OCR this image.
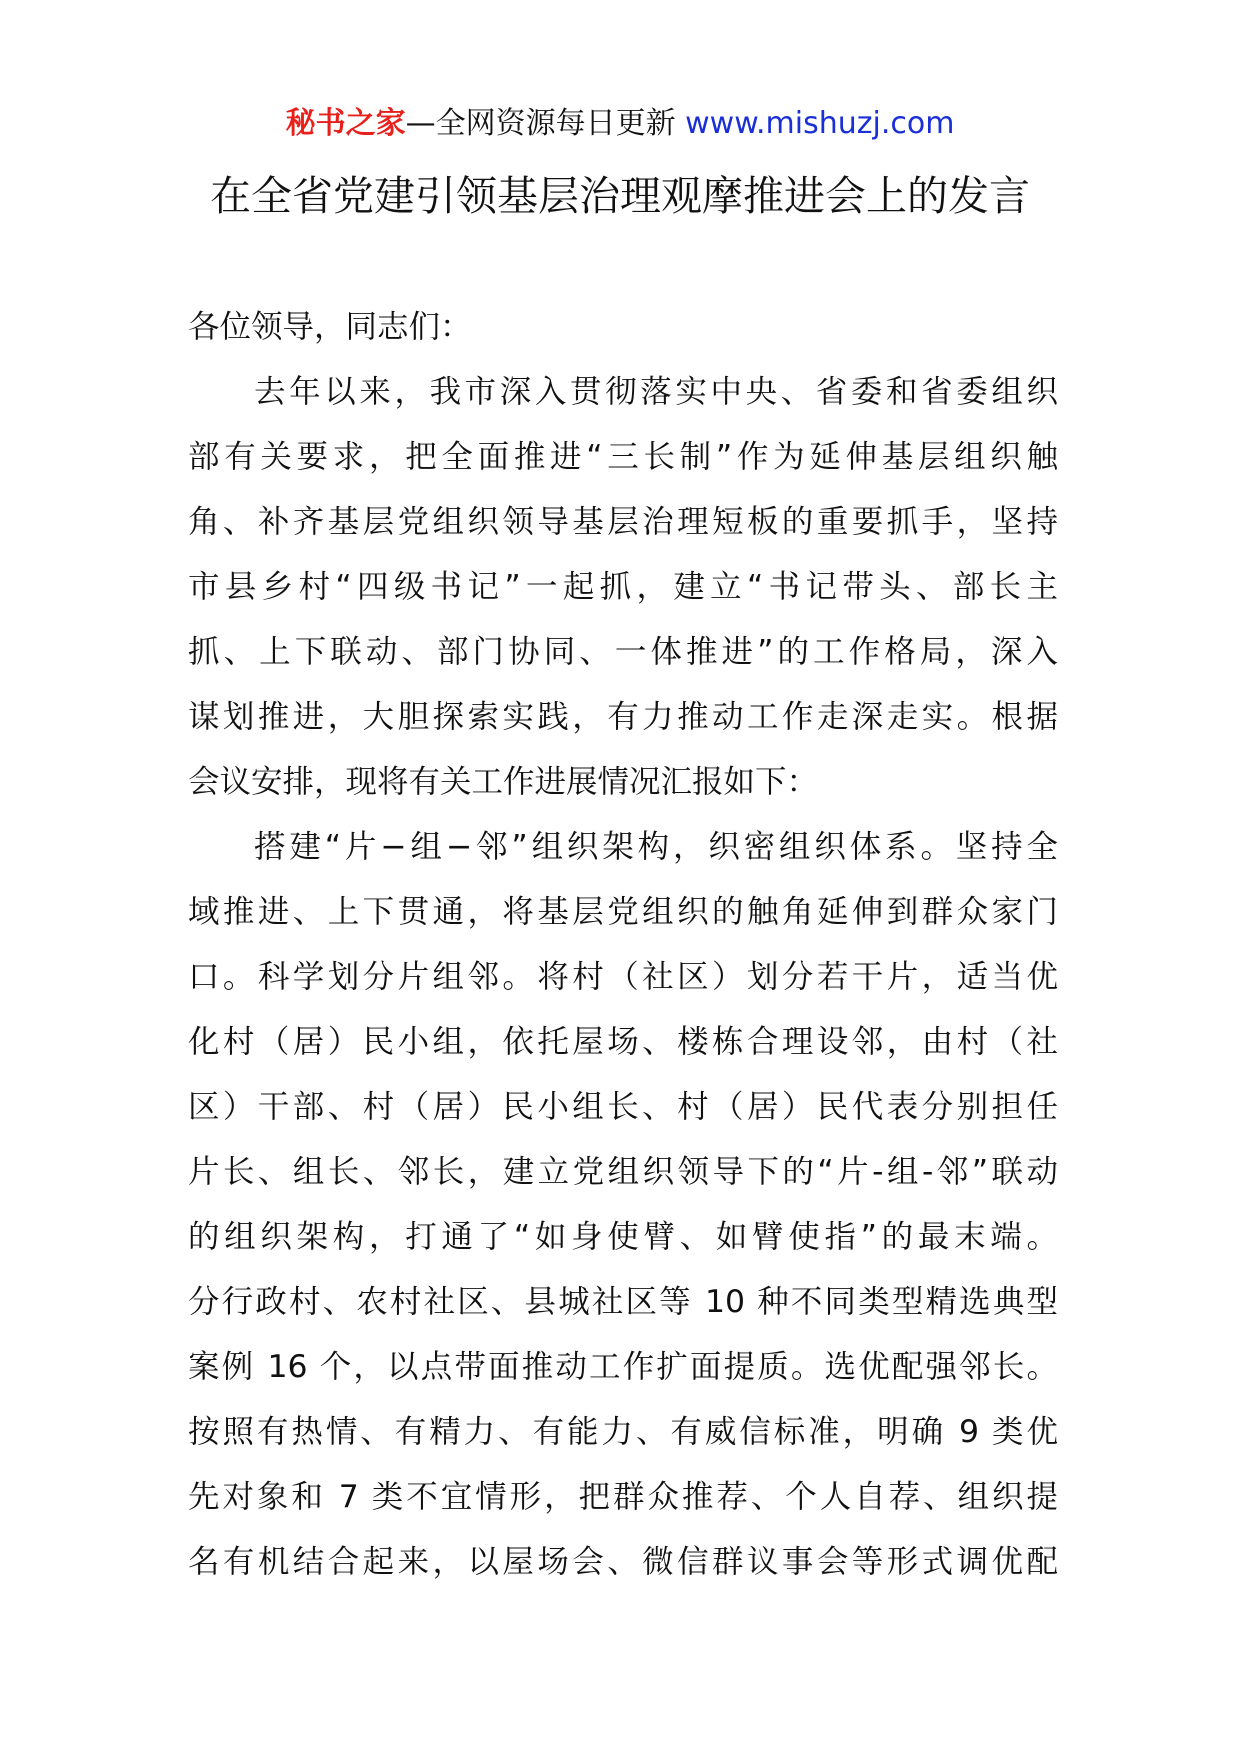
秘书之家—全网资源每日更新 www.mishuzj.com
在全省党建引领基层治理观摩推进会上的发言
各位领导，同志们：
去年以来，我市深入贯彻落实中央、省委和省委组织
部有关要求，把全面推进“三长制”作为延伸基层组织触
角、补齐基层党组织领导基层治理短板的重要抓手，坚持
市县乡村“四级书记”一起抓，建立“书记带头、部长主
抓、上下联动、部门协同、一体推进”的工作格局，深入
谋划推进，大胆探索实践，有力推动工作走深走实。根据
会议安排，现将有关工作进展情况汇报如下：
搭建“片−组−邻”组织架构，织密组织体系。坚持全
域推进、上下贯通，将基层党组织的触角延伸到群众家门
口。科学划分片组邻。将村（社区）划分若干片，适当优
化村（居）民小组，依托屋场、楼栋合理设邻，由村（社
区）干部、村（居）民小组长、村（居）民代表分别担任
片长、组长、邻长，建立党组织领导下的“片-组-邻”联动
的组织架构，打通了“如身使臂、如臂使指”的最末端。
分行政村、农村社区、县城社区等 10 种不同类型精选典型
案例 16 个，以点带面推动工作扩面提质。选优配强邻长。
按照有热情、有精力、有能力、有威信标准，明确 9 类优
先对象和 7 类不宜情形，把群众推荐、个人自荐、组织提
名有机结合起来，以屋场会、微信群议事会等形式调优配
